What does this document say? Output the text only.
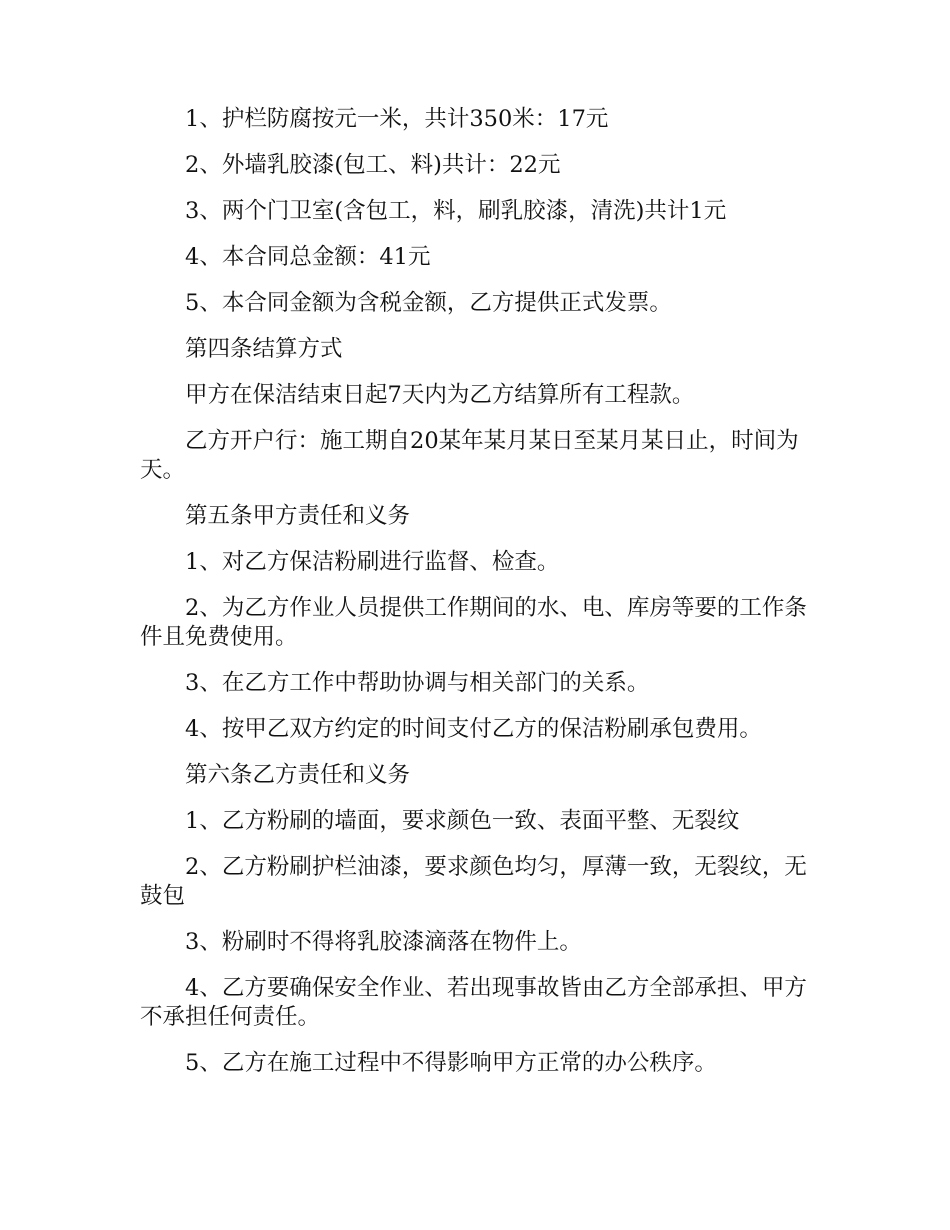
1、护栏防腐按元一米，共计350米：17元

2、外墙乳胶漆(包工、料)共计：22元

3、两个门卫室(含包工，料，刷乳胶漆，清洗)共计1元

4、本合同总金额：41元

5、本合同金额为含税金额，乙方提供正式发票。

第四条结算方式

甲方在保洁结束日起7天内为乙方结算所有工程款。

乙方开户行：施工期自20某年某月某日至某月某日止，时间为天。

第五条甲方责任和义务

1、对乙方保洁粉刷进行监督、检查。

2、为乙方作业人员提供工作期间的水、电、库房等要的工作条件且免费使用。

3、在乙方工作中帮助协调与相关部门的关系。

4、按甲乙双方约定的时间支付乙方的保洁粉刷承包费用。

第六条乙方责任和义务

1、乙方粉刷的墙面，要求颜色一致、表面平整、无裂纹

2、乙方粉刷护栏油漆，要求颜色均匀，厚薄一致，无裂纹，无鼓包

3、粉刷时不得将乳胶漆滴落在物件上。

4、乙方要确保安全作业、若出现事故皆由乙方全部承担、甲方不承担任何责任。

5、乙方在施工过程中不得影响甲方正常的办公秩序。
